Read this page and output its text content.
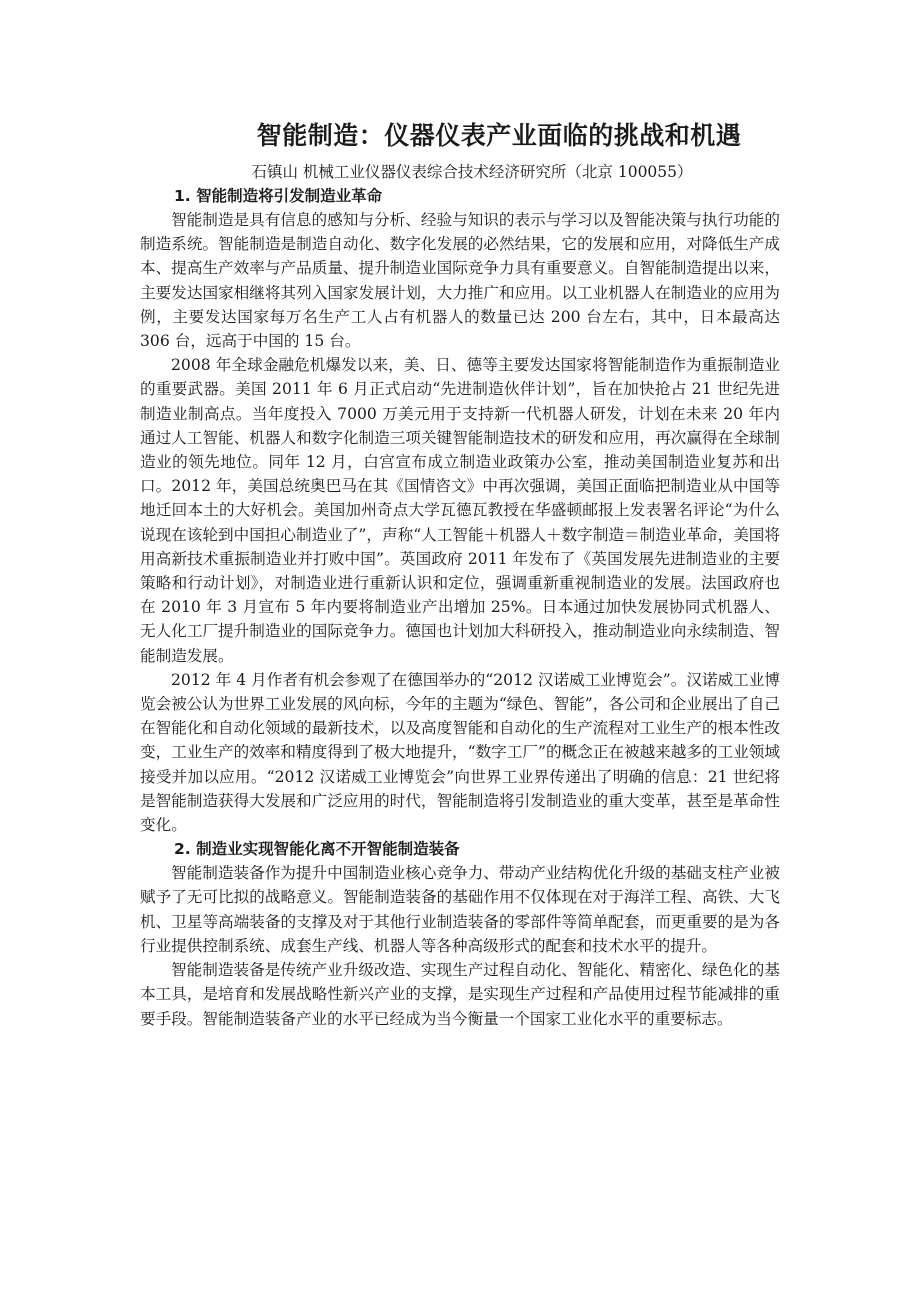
智能制造：仪器仪表产业面临的挑战和机遇
石镇山 机械工业仪器仪表综合技术经济研究所（北京 100055）
1. 智能制造将引发制造业革命

智能制造是具有信息的感知与分析、经验与知识的表示与学习以及智能决策与执行功能的制造系统。智能制造是制造自动化、数字化发展的必然结果，它的发展和应用，对降低生产成本、提高生产效率与产品质量、提升制造业国际竞争力具有重要意义。自智能制造提出以来，主要发达国家相继将其列入国家发展计划，大力推广和应用。以工业机器人在制造业的应用为例，主要发达国家每万名生产工人占有机器人的数量已达 200 台左右，其中，日本最高达 306 台，远高于中国的 15 台。

2008 年全球金融危机爆发以来，美、日、德等主要发达国家将智能制造作为重振制造业的重要武器。美国 2011 年 6 月正式启动“先进制造伙伴计划”，旨在加快抢占 21 世纪先进制造业制高点。当年度投入 7000 万美元用于支持新一代机器人研发，计划在未来 20 年内通过人工智能、机器人和数字化制造三项关键智能制造技术的研发和应用，再次赢得在全球制造业的领先地位。同年 12 月，白宫宣布成立制造业政策办公室，推动美国制造业复苏和出口。2012 年，美国总统奥巴马在其《国情咨文》中再次强调，美国正面临把制造业从中国等地迁回本土的大好机会。美国加州奇点大学瓦德瓦教授在华盛顿邮报上发表署名评论“为什么说现在该轮到中国担心制造业了”，声称“人工智能＋机器人＋数字制造＝制造业革命，美国将用高新技术重振制造业并打败中国”。英国政府 2011 年发布了《英国发展先进制造业的主要策略和行动计划》，对制造业进行重新认识和定位，强调重新重视制造业的发展。法国政府也在 2010 年 3 月宣布 5 年内要将制造业产出增加 25%。日本通过加快发展协同式机器人、无人化工厂提升制造业的国际竞争力。德国也计划加大科研投入，推动制造业向永续制造、智能制造发展。

2012 年 4 月作者有机会参观了在德国举办的“2012 汉诺威工业博览会”。汉诺威工业博览会被公认为世界工业发展的风向标，今年的主题为“绿色、智能”，各公司和企业展出了自己在智能化和自动化领域的最新技术，以及高度智能和自动化的生产流程对工业生产的根本性改变，工业生产的效率和精度得到了极大地提升，“数字工厂”的概念正在被越来越多的工业领域接受并加以应用。“2012 汉诺威工业博览会”向世界工业界传递出了明确的信息：21 世纪将是智能制造获得大发展和广泛应用的时代，智能制造将引发制造业的重大变革，甚至是革命性变化。

2. 制造业实现智能化离不开智能制造装备

智能制造装备作为提升中国制造业核心竞争力、带动产业结构优化升级的基础支柱产业被赋予了无可比拟的战略意义。智能制造装备的基础作用不仅体现在对于海洋工程、高铁、大飞机、卫星等高端装备的支撑及对于其他行业制造装备的零部件等简单配套，而更重要的是为各行业提供控制系统、成套生产线、机器人等各种高级形式的配套和技术水平的提升。

智能制造装备是传统产业升级改造、实现生产过程自动化、智能化、精密化、绿色化的基本工具，是培育和发展战略性新兴产业的支撑，是实现生产过程和产品使用过程节能减排的重要手段。智能制造装备产业的水平已经成为当今衡量一个国家工业化水平的重要标志。
